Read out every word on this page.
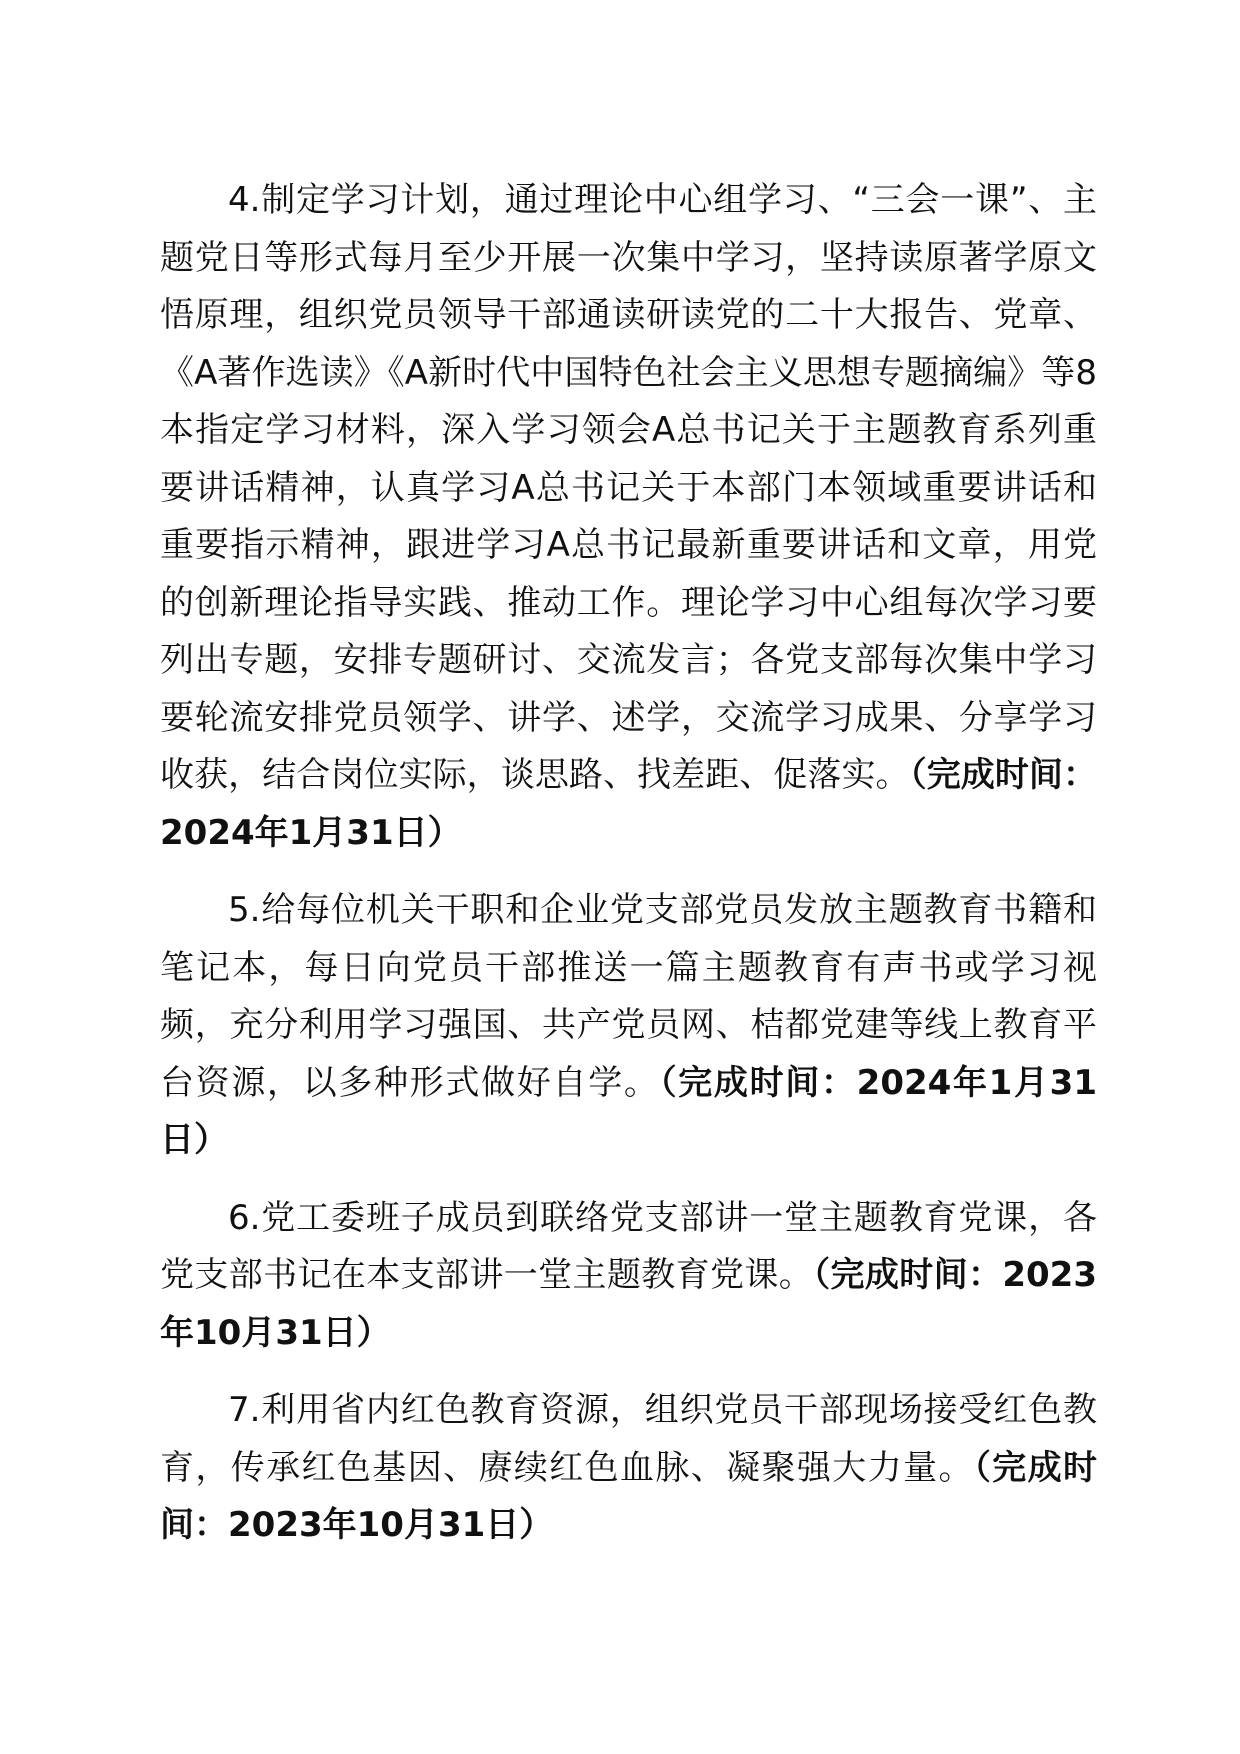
4.制定学习计划，通过理论中心组学习、“三会一课”、主题党日等形式每月至少开展一次集中学习，坚持读原著学原文悟原理，组织党员领导干部通读研读党的二十大报告、党章、《A著作选读》《A新时代中国特色社会主义思想专题摘编》等8本指定学习材料，深入学习领会A总书记关于主题教育系列重要讲话精神，认真学习A总书记关于本部门本领域重要讲话和重要指示精神，跟进学习A总书记最新重要讲话和文章，用党的创新理论指导实践、推动工作。理论学习中心组每次学习要列出专题，安排专题研讨、交流发言；各党支部每次集中学习要轮流安排党员领学、讲学、述学，交流学习成果、分享学习收获，结合岗位实际，谈思路、找差距、促落实。（完成时间：2024年1月31日）

5.给每位机关干职和企业党支部党员发放主题教育书籍和笔记本，每日向党员干部推送一篇主题教育有声书或学习视频，充分利用学习强国、共产党员网、桔都党建等线上教育平台资源，以多种形式做好自学。（完成时间：2024年1月31日）

6.党工委班子成员到联络党支部讲一堂主题教育党课，各党支部书记在本支部讲一堂主题教育党课。（完成时间：2023年10月31日）

7.利用省内红色教育资源，组织党员干部现场接受红色教育，传承红色基因、赓续红色血脉、凝聚强大力量。（完成时间：2023年10月31日）
